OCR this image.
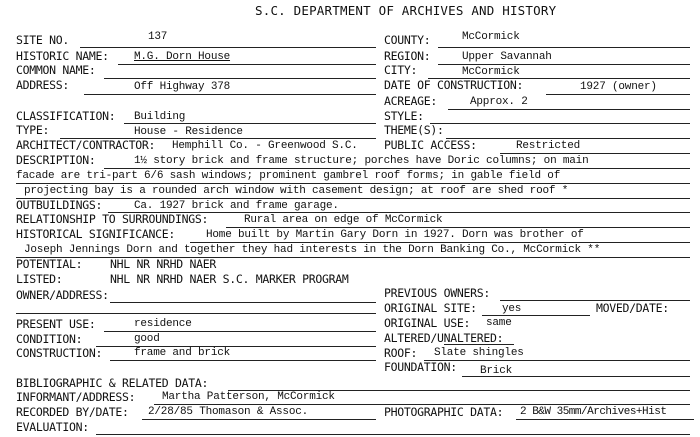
S.C. DEPARTMENT OF ARCHIVES AND HISTORY
SITE NO.	137	COUNTY:	McCormick
HISTORIC NAME: M.G. Dorn House	REGION:	Upper Savannah
COMMON NAME:	CITY:	McCormick
ADDRESS:	Off Highway 378	DATE OF CONSTRUCTION:	1927 (owner)
ACREAGE:	Approx. 2
CLASSIFICATION: Building	STYLE:
TYPE:	House - Residence	THEME(S):
ARCHITECT/CONTRACTOR: Hemphill Co. - Greenwood S.C. PUBLIC ACCESS:	Restricted
DESCRIPTION:	1½ story brick and frame structure; porches have Doric columns; on main
facade are tri-part 6/6 sash windows; prominent gambrel roof forms; in gable field of
projecting bay is a rounded arch window with casement design; at roof are shed roof *
OUTBUILDINGS:	Ca. 1927 brick and frame garage.
RELATIONSHIP TO SURROUNDINGS:	Rural area on edge of McCormick
HISTORICAL SIGNIFICANCE:	Home built by Martin Gary Dorn in 1927. Dorn was brother of
Joseph Jennings Dorn and together they had interests in the Dorn Banking Co., McCormick **
POTENTIAL: NHL NR NRHD NAER
LISTED:	NHL NR NRHD NAER S.C. MARKER PROGRAM
OWNER/ADDRESS:	PREVIOUS OWNERS:
ORIGINAL SITE: yes	MOVED/DATE:
PRESENT USE:	residence	ORIGINAL USE: same
CONDITION:	good	ALTERED/UNALTERED:
CONSTRUCTION:	frame and brick	ROOF: Slate shingles
FOUNDATION: Brick
BIBLIOGRAPHIC & RELATED DATA:
INFORMANT/ADDRESS: Martha Patterson, McCormick
RECORDED BY/DATE: 2/28/85 Thomason & Assoc.	PHOTOGRAPHIC DATA: 2 B&W 35mm/Archives+Hist
EVALUATION:
